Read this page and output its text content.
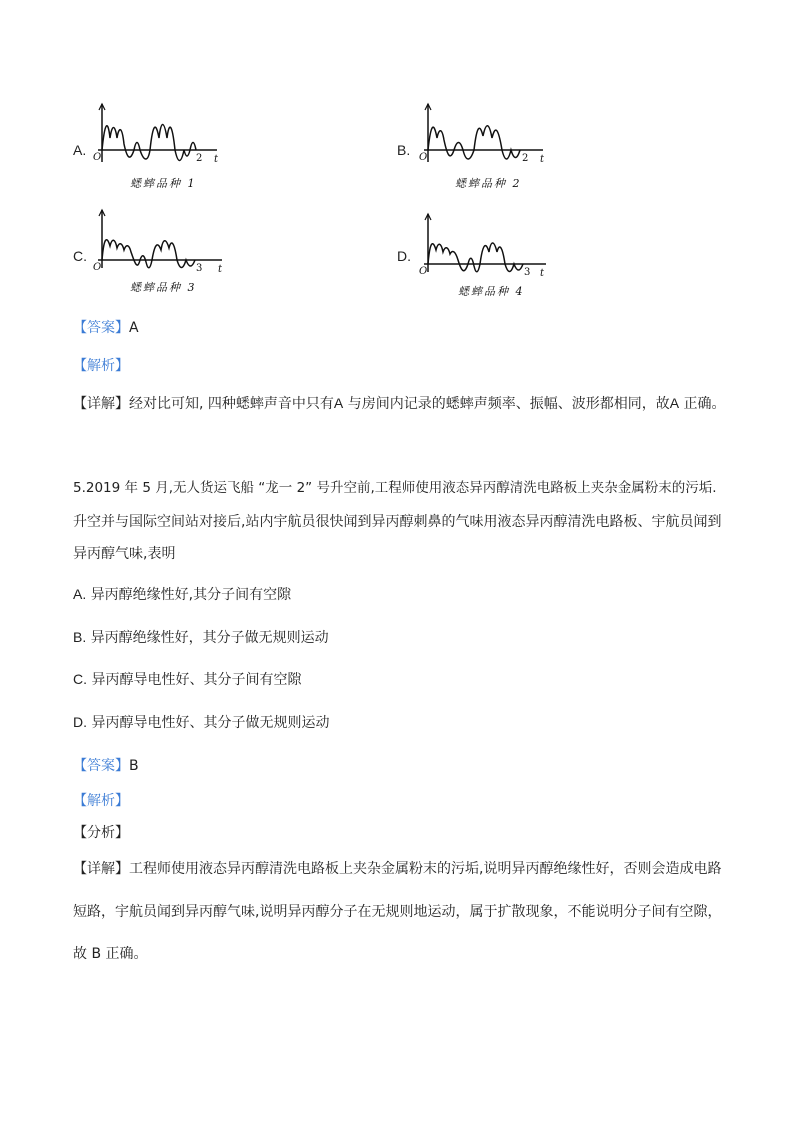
A. O	2 t
蟋蟀品种 1
B. O	2 t
蟋蟀品种 2
C.
O	3 t
蟋蟀品种 3
D.
O	3 t
蟋蟀品种 4
【答案】A
【解析】
【详解】经对比可知, 四种蟋蟀声音中只有A 与房间内记录的蟋蟀声频率、振幅、波形都相同，故A 正确。
5.2019 年 5 月,无人货运飞船 “龙一 2” 号升空前,工程师使用液态异丙醇清洗电路板上夹杂金属粉末的污垢.
升空并与国际空间站对接后,站内宇航员很快闻到异丙醇刺鼻的气味用液态异丙醇清洗电路板、宇航员闻到
异丙醇气味,表明
A. 异丙醇绝缘性好,其分子间有空隙
B. 异丙醇绝缘性好，其分子做无规则运动
C. 异丙醇导电性好、其分子间有空隙
D. 异丙醇导电性好、其分子做无规则运动
【答案】B
【解析】
【分析】
【详解】工程师使用液态异丙醇清洗电路板上夹杂金属粉末的污垢,说明异丙醇绝缘性好，否则会造成电路
短路，宇航员闻到异丙醇气味,说明异丙醇分子在无规则地运动，属于扩散现象，不能说明分子间有空隙，
故 B 正确。
